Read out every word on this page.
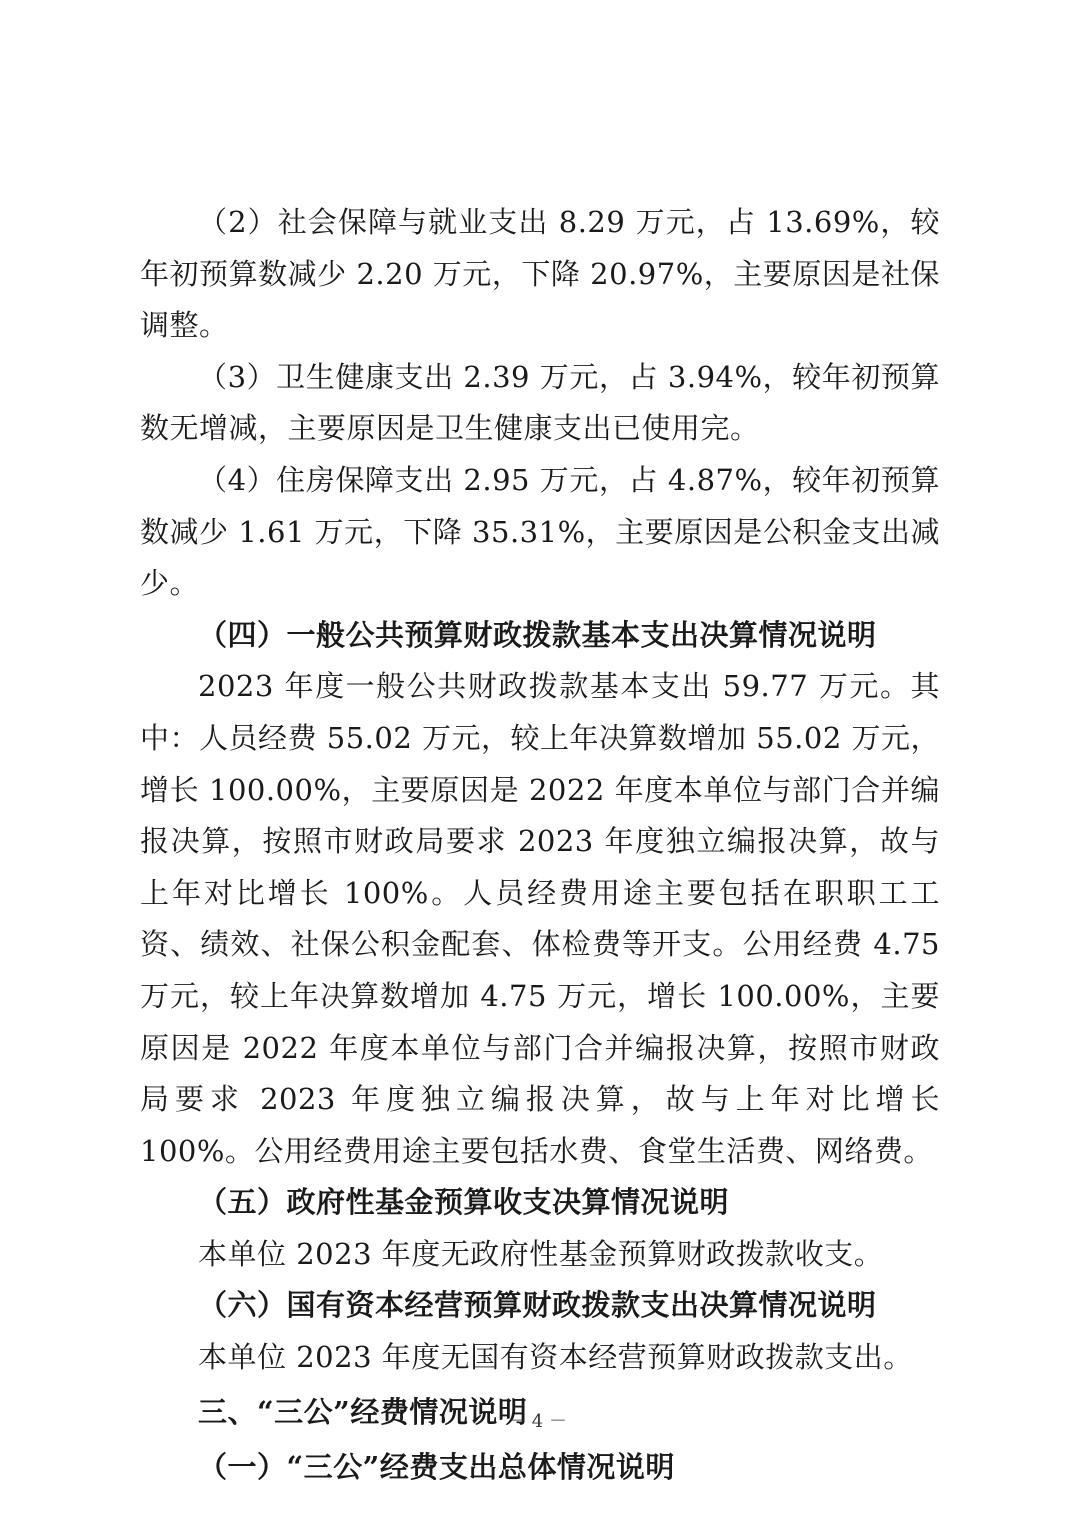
（2）社会保障与就业支出 8.29 万元，占 13.69%，较年初预算数减少 2.20 万元，下降 20.97%，主要原因是社保调整。

（3）卫生健康支出 2.39 万元，占 3.94%，较年初预算数无增减，主要原因是卫生健康支出已使用完。

（4）住房保障支出 2.95 万元，占 4.87%，较年初预算数减少 1.61 万元，下降 35.31%，主要原因是公积金支出减少。

（四）一般公共预算财政拨款基本支出决算情况说明

2023 年度一般公共财政拨款基本支出 59.77 万元。其中：人员经费 55.02 万元，较上年决算数增加 55.02 万元，增长 100.00%，主要原因是 2022 年度本单位与部门合并编报决算，按照市财政局要求 2023 年度独立编报决算，故与上年对比增长 100%。人员经费用途主要包括在职职工工资、绩效、社保公积金配套、体检费等开支。公用经费 4.75 万元，较上年决算数增加 4.75 万元，增长 100.00%，主要原因是 2022 年度本单位与部门合并编报决算，按照市财政局要求 2023 年度独立编报决算，故与上年对比增长 100%。公用经费用途主要包括水费、食堂生活费、网络费。

（五）政府性基金预算收支决算情况说明

本单位 2023 年度无政府性基金预算财政拨款收支。

（六）国有资本经营预算财政拨款支出决算情况说明

本单位 2023 年度无国有资本经营预算财政拨款支出。

三、“三公”经费情况说明

（一）“三公”经费支出总体情况说明

－ 4 －
